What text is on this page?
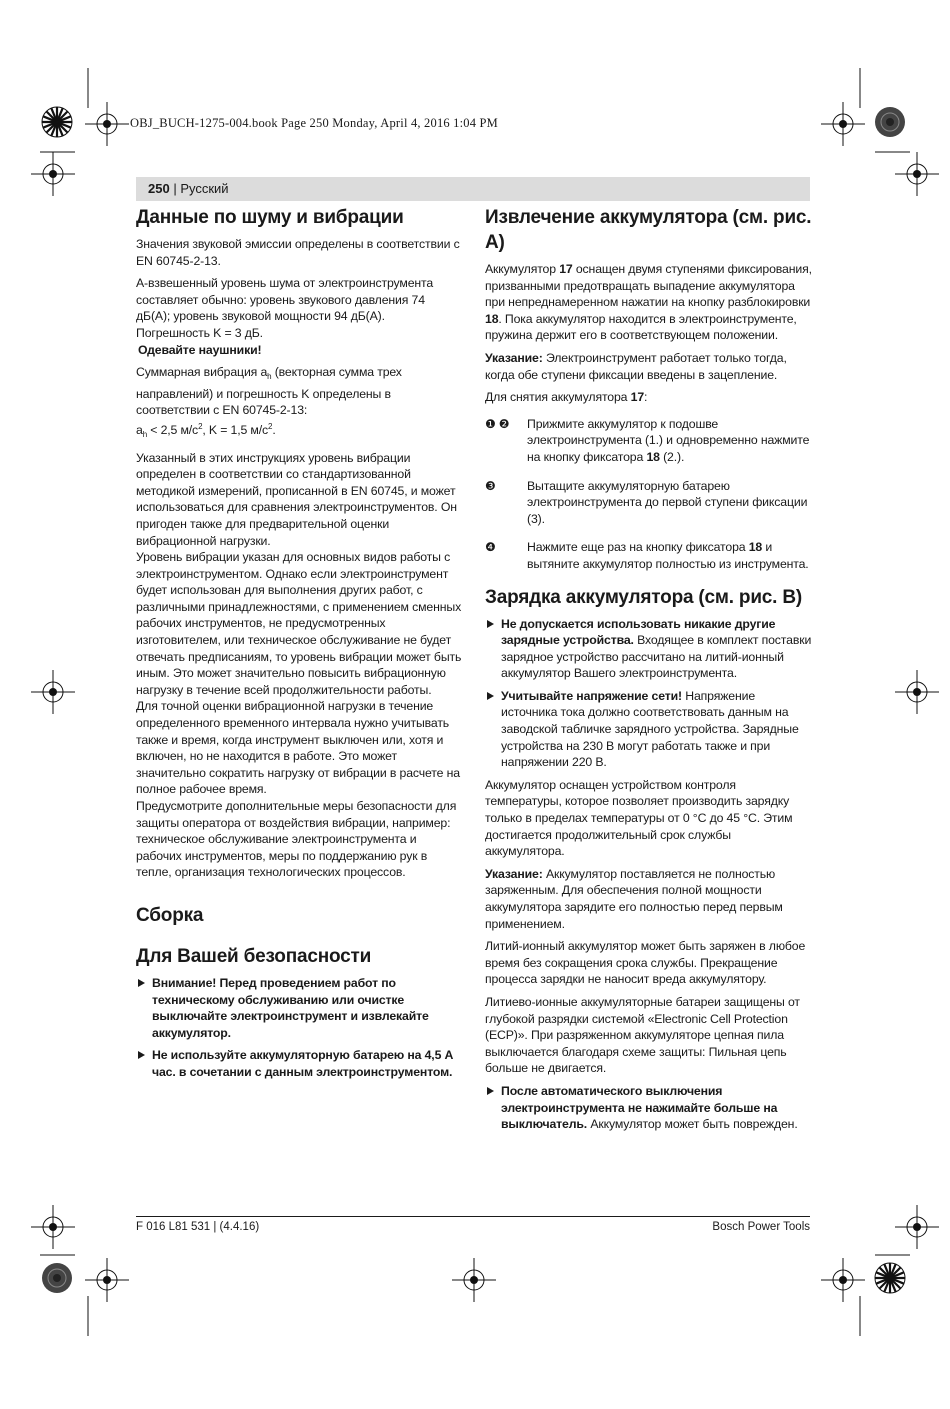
OBJ_BUCH-1275-004.book Page 250 Monday, April 4, 2016 1:04 PM
250 | Русский
Данные по шуму и вибрации

Значения звуковой эмиссии определены в соответствии с EN 60745-2-13.

А-взвешенный уровень шума от электроинструмента составляет обычно: уровень звукового давления 74 дБ(A); уровень звуковой мощности 94 дБ(A). Погрешность K = 3 дБ.

Одевайте наушники!

Суммарная вибрация $a_h$ (векторная сумма трех направлений) и погрешность K определены в соответствии с EN 60745-2-13:

$a_h < 2,5$ $м/с^2$, K = 1,5 $м/с^2$.

Указанный в этих инструкциях уровень вибрации определен в соответствии со стандартизованной методикой измерений, прописанной в EN 60745, и может использоваться для сравнения электроинструментов. Он пригоден также для предварительной оценки вибрационной нагрузки.

Уровень вибрации указан для основных видов работы с электроинструментом. Однако если электроинструмент будет использован для выполнения других работ, с различными принадлежностями, с применением сменных рабочих инструментов, не предусмотренных изготовителем, или техническое обслуживание не будет отвечать предписаниям, то уровень вибрации может быть иным. Это может значительно повысить вибрационную нагрузку в течение всей продолжительности работы.

Для точной оценки вибрационной нагрузки в течение определенного временного интервала нужно учитывать также и время, когда инструмент выключен или, хотя и включен, но не находится в работе. Это может значительно сократить нагрузку от вибрации в расчете на полное рабочее время.

Предусмотрите дополнительные меры безопасности для защиты оператора от воздействия вибрации, например: техническое обслуживание электроинструмента и рабочих инструментов, меры по поддержанию рук в тепле, организация технологических процессов.

Сборка
Для Вашей безопасности
Внимание! Перед проведением работ по техническому обслуживанию или очистке выключайте электроинструмент и извлекайте аккумулятор.
Не используйте аккумуляторную батарею на 4,5 А час. в сочетании с данным электроинструментом.
Извлечение аккумулятора (см. рис. A)

Аккумулятор 17 оснащен двумя ступенями фиксирования, призванными предотвращать выпадение аккумулятора при непреднамеренном нажатии на кнопку разблокировки 18. Пока аккумулятор находится в электроинструменте, пружина держит его в соответствующем положении.

Указание: Электроинструмент работает только тогда, когда обе ступени фиксации введены в зацепление.

Для снятия аккумулятора 17:

❶ ❷ Прижмите аккумулятор к подошве электроинструмента (1.) и одновременно нажмите на кнопку фиксатора 18 (2.).
❸	Вытащите аккумуляторную батарею электроинструмента до первой ступени фиксации (3).
❹	Нажмите еще раз на кнопку фиксатора 18 и вытяните аккумулятор полностью из инструмента.
Зарядка аккумулятора (см. рис. B)
Не допускается использовать никакие другие зарядные устройства. Входящее в комплект поставки зарядное устройство рассчитано на литий-ионный аккумулятор Вашего электроинструмента.
Учитывайте напряжение сети! Напряжение источника тока должно соответствовать данным на заводской табличке зарядного устройства. Зарядные устройства на 230 В могут работать также и при напряжении 220 В.

Аккумулятор оснащен устройством контроля температуры, которое позволяет производить зарядку только в пределах температуры от 0 °C до 45 °C. Этим достигается продолжительный срок службы аккумулятора.

Указание: Аккумулятор поставляется не полностью заряженным. Для обеспечения полной мощности аккумулятора зарядите его полностью перед первым применением.

Литий-ионный аккумулятор может быть заряжен в любое время без сокращения срока службы. Прекращение процесса зарядки не наносит вреда аккумулятору.

Литиево-ионные аккумуляторные батареи защищены от глубокой разрядки системой «Electronic Cell Protection (ECP)». При разряженном аккумуляторе цепная пила выключается благодаря схеме защиты: Пильная цепь больше не двигается.

После автоматического выключения электроинструмента не нажимайте больше на выключатель. Аккумулятор может быть поврежден.
F 016 L81 531 | (4.4.16)	Bosch Power Tools
